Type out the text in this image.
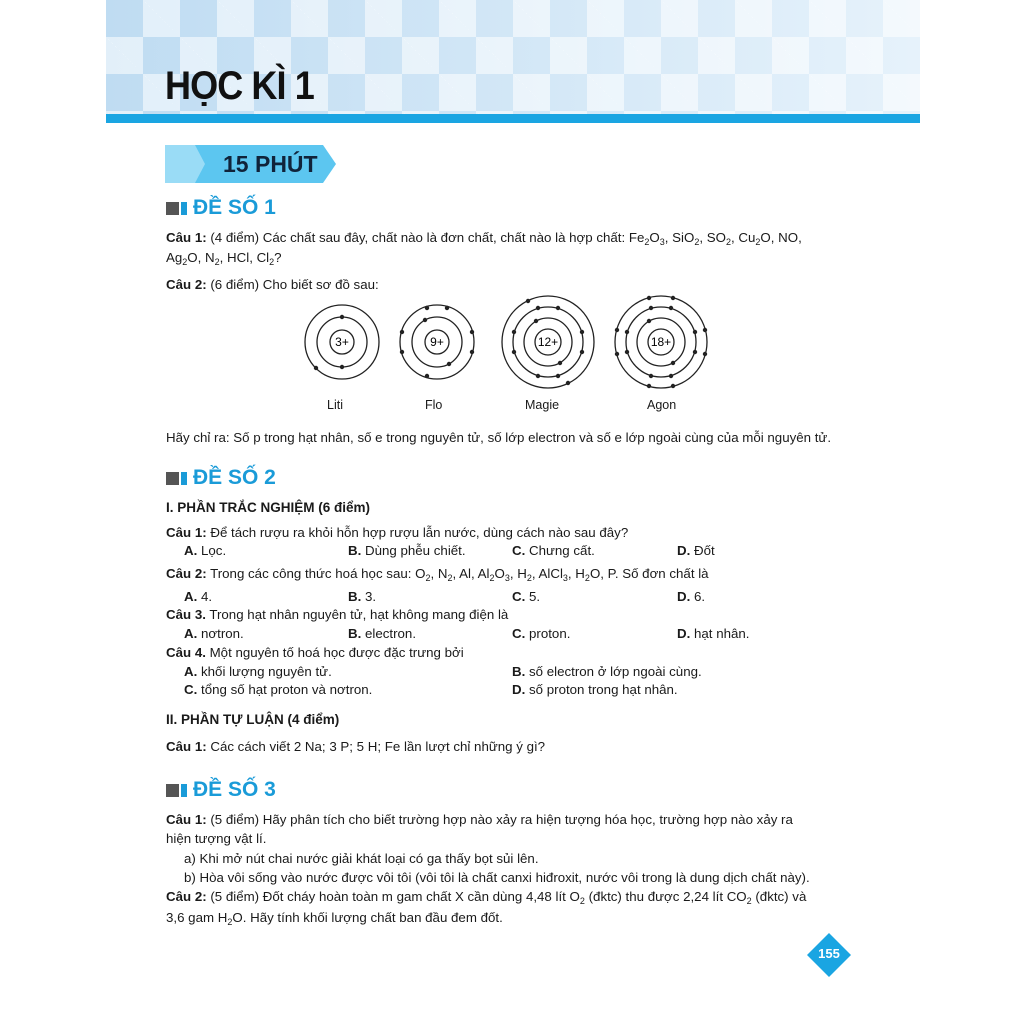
HỌC KÌ 1
15 PHÚT
ĐỀ SỐ 1
Câu 1: (4 điểm) Các chất sau đây, chất nào là đơn chất, chất nào là hợp chất: $Fe_2O_3$, SiO$_2$, $SO_2$, $Cu_2O$, NO,
$Ag_2O$, $N_2$, HCl, $Cl_2$?
Câu 2: (6 điểm) Cho biết sơ đồ sau:
3+	9+	12+	18+
Liti	Flo	Magie	Agon
Hãy chỉ ra: Số p trong hạt nhân, số e trong nguyên tử, số lớp electron và số e lớp ngoài cùng của mỗi nguyên tử.
ĐỀ SỐ 2
I. PHẦN TRẮC NGHIỆM (6 điểm)
Câu 1: Để tách rượu ra khỏi hỗn hợp rượu lẫn nước, dùng cách nào sau đây?
A. Lọc.	B. Dùng phễu chiết.	C. Chưng cất.	D. Đốt
Câu 2: Trong các công thức hoá học sau: $O_2$, $N_2$, Al, $Al_2O_3$, $H_2$, AlCl$_3$, $H_2O$, P. Số đơn chất là
A. 4.	B. 3.	C. 5.	D. 6.
Câu 3. Trong hạt nhân nguyên tử, hạt không mang điện là
A. nơtron.	B. electron.	C. proton.	D. hạt nhân.
Câu 4. Một nguyên tố hoá học được đặc trưng bởi
A. khối lượng nguyên tử.	B. số electron ở lớp ngoài cùng.
C. tổng số hạt proton và nơtron.	D. số proton trong hạt nhân.
II. PHẦN TỰ LUẬN (4 điểm)
Câu 1: Các cách viết 2 Na; 3 P; 5 H; Fe lần lượt chỉ những ý gì?
ĐỀ SỐ 3
Câu 1: (5 điểm) Hãy phân tích cho biết trường hợp nào xảy ra hiện tượng hóa học, trường hợp nào xảy ra
hiện tượng vật lí.
a) Khi mở nút chai nước giải khát loại có ga thấy bọt sủi lên.
b) Hòa vôi sống vào nước được vôi tôi (vôi tôi là chất canxi hiđroxit, nước vôi trong là dung dịch chất này).
Câu 2: (5 điểm) Đốt cháy hoàn toàn m gam chất X cần dùng 4,48 lít $O_2$ (đktc) thu được 2,24 lít $CO_2$ (đktc) và
3,6 gam $H_2O$. Hãy tính khối lượng chất ban đầu đem đốt.
155
